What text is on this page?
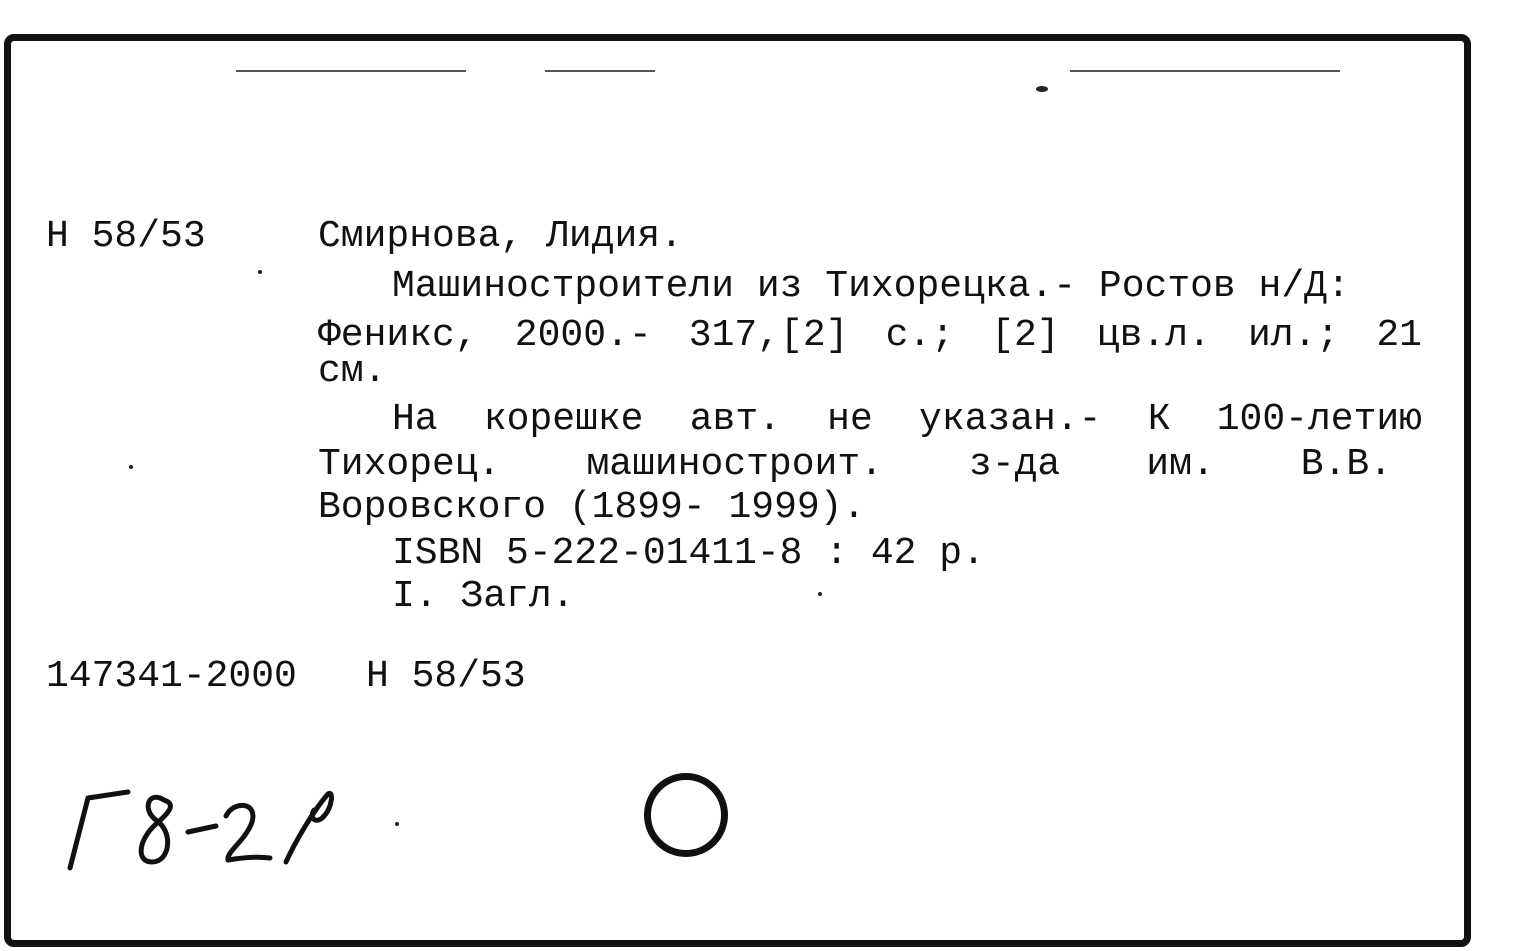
Н 58/53	Смирнова, Лидия.
Машиностроители из Тихорецка.- Ростов н/Д:
Феникс, 2000.- 317,[2] с.; [2] цв.л. ил.; 21
см.
На корешке авт. не указан.- К 100-летию
Тихорец. машиностроит. з-да им. В.В.
Воровского (1899- 1999).
ISBN 5-222-01411-8 : 42 р.
I. Загл.
147341-2000 Н 58/53
